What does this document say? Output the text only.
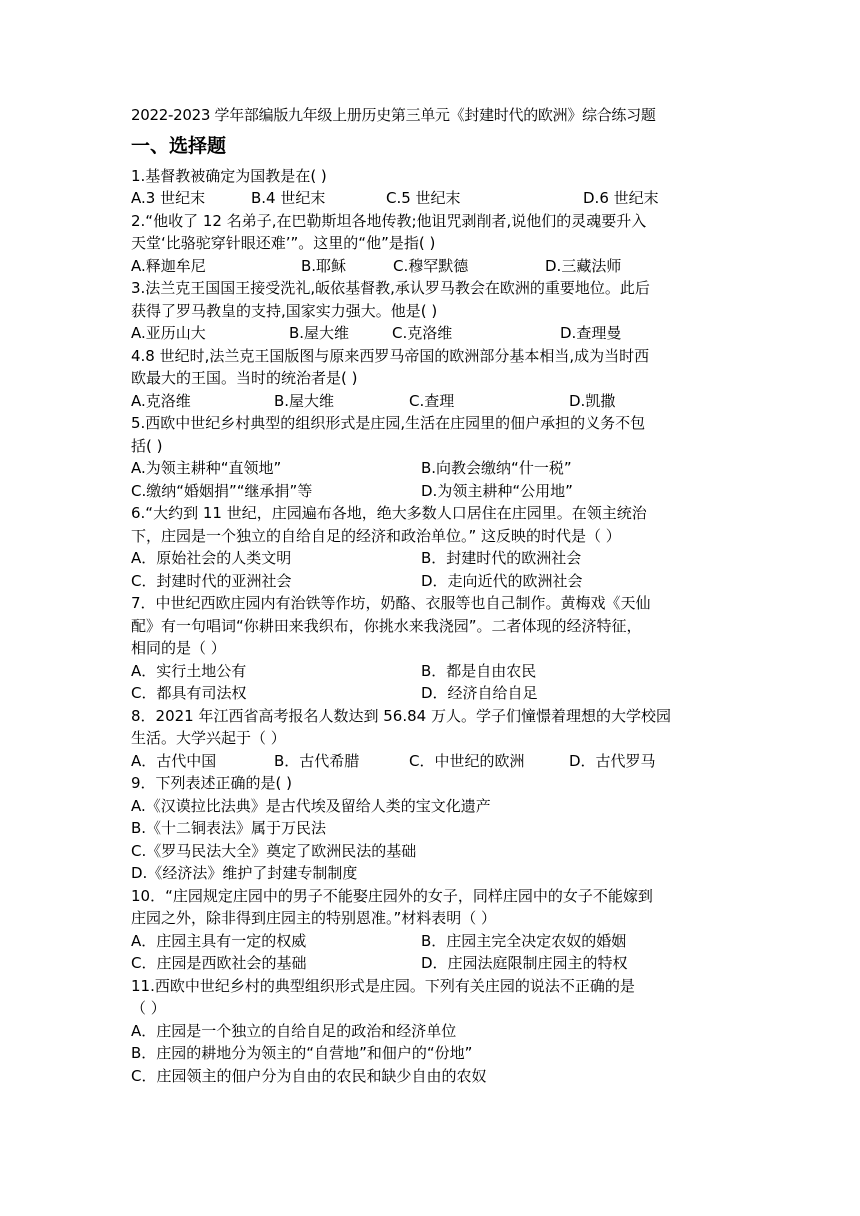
2022-2023 学年部编版九年级上册历史第三单元《封建时代的欧洲》综合练习题
一、选择题
1.基督教被确定为国教是在( )
A.3 世纪末	B.4 世纪末	C.5 世纪末	D.6 世纪末
2.“他收了 12 名弟子,在巴勒斯坦各地传教;他诅咒剥削者,说他们的灵魂要升入
天堂‘比骆驼穿针眼还难’”。这里的“他”是指( )
A.释迦牟尼	B.耶稣	C.穆罕默德	D.三藏法师
3.法兰克王国国王接受洗礼,皈依基督教,承认罗马教会在欧洲的重要地位。此后
获得了罗马教皇的支持,国家实力强大。他是( )
A.亚历山大	B.屋大维	C.克洛维	D.查理曼
4.8 世纪时,法兰克王国版图与原来西罗马帝国的欧洲部分基本相当,成为当时西
欧最大的王国。当时的统治者是( )
A.克洛维	B.屋大维	C.查理	D.凯撒
5.西欧中世纪乡村典型的组织形式是庄园,生活在庄园里的佃户承担的义务不包
括( )
A.为领主耕种“直领地”	B.向教会缴纳“什一税”
C.缴纳“婚姻捐”“继承捐”等	D.为领主耕种“公用地”
6.“大约到 11 世纪，庄园遍布各地，绝大多数人口居住在庄园里。在领主统治
下，庄园是一个独立的自给自足的经济和政治单位。” 这反映的时代是（ ）
A．原始社会的人类文明	B．封建时代的欧洲社会
C．封建时代的亚洲社会	D．走向近代的欧洲社会
7．中世纪西欧庄园内有治铁等作坊，奶酪、衣服等也自己制作。黄梅戏《天仙
配》有一句唱词“你耕田来我织布，你挑水来我浇园”。二者体现的经济特征，
相同的是（ ）
A．实行土地公有	B．都是自由农民
C．都具有司法权	D．经济自给自足
8．2021 年江西省高考报名人数达到 56.84 万人。学子们憧憬着理想的大学校园
生活。大学兴起于（ ）
A．古代中国	B．古代希腊	C．中世纪的欧洲	D．古代罗马
9．下列表述正确的是( )
A.《汉谟拉比法典》是古代埃及留给人类的宝文化遗产
B.《十二铜表法》属于万民法
C.《罗马民法大全》奠定了欧洲民法的基础
D.《经济法》维护了封建专制制度
10．“庄园规定庄园中的男子不能娶庄园外的女子，同样庄园中的女子不能嫁到
庄园之外，除非得到庄园主的特别恩准。”材料表明（ ）
A．庄园主具有一定的权威	B．庄园主完全决定农奴的婚姻
C．庄园是西欧社会的基础	D．庄园法庭限制庄园主的特权
11.西欧中世纪乡村的典型组织形式是庄园。下列有关庄园的说法不正确的是
（ ）
A．庄园是一个独立的自给自足的政治和经济单位
B．庄园的耕地分为领主的“自营地”和佃户的“份地”
C．庄园领主的佃户分为自由的农民和缺少自由的农奴
